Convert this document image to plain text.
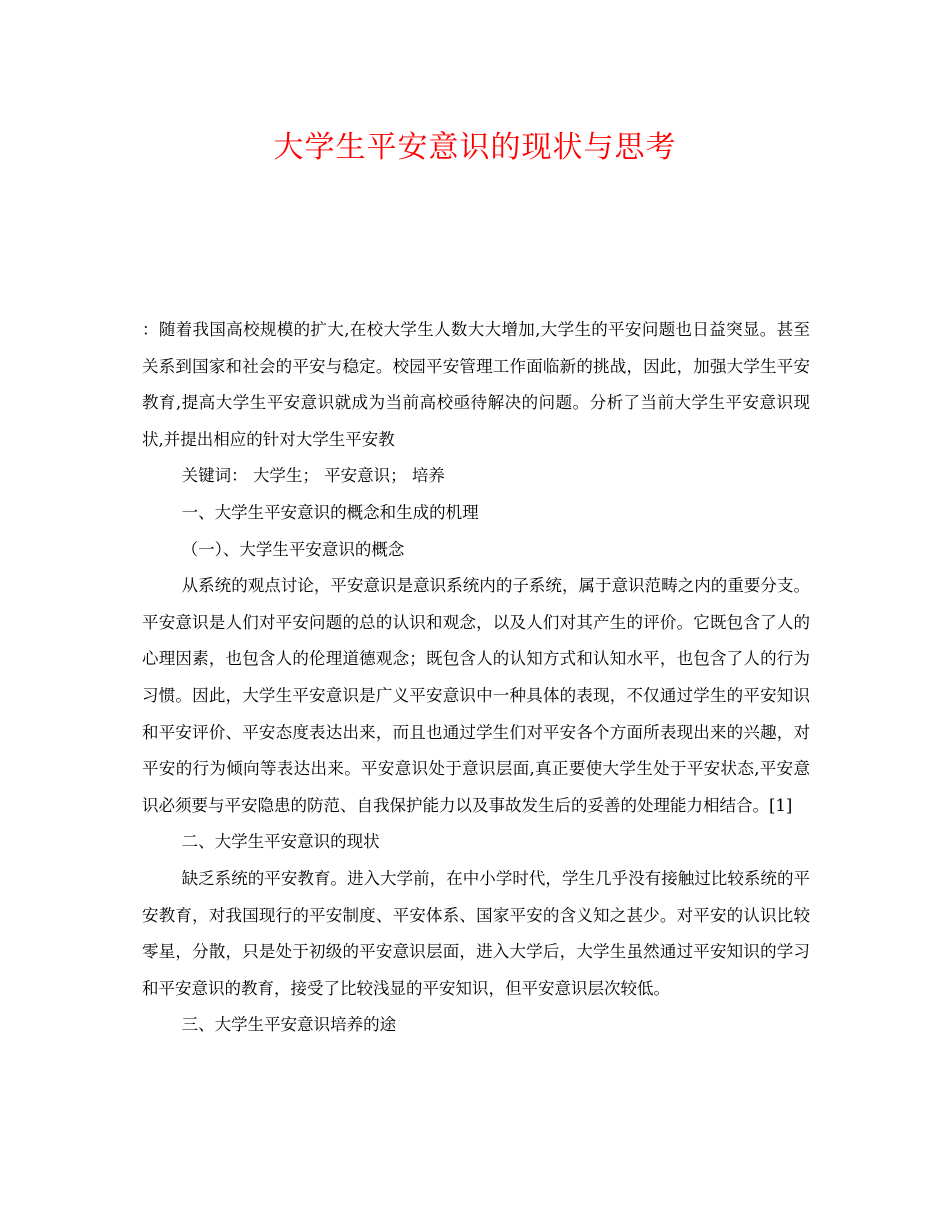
大学生平安意识的现状与思考

：随着我国高校规模的扩大,在校大学生人数大大增加,大学生的平安问题也日益突显。甚至关系到国家和社会的平安与稳定。校园平安管理工作面临新的挑战，因此，加强大学生平安教育,提高大学生平安意识就成为当前高校亟待解决的问题。分析了当前大学生平安意识现状,并提出相应的针对大学生平安教

关键词： 大学生； 平安意识； 培养

一、大学生平安意识的概念和生成的机理

（一）、大学生平安意识的概念

从系统的观点讨论，平安意识是意识系统内的子系统，属于意识范畴之内的重要分支。平安意识是人们对平安问题的总的认识和观念，以及人们对其产生的评价。它既包含了人的心理因素，也包含人的伦理道德观念；既包含人的认知方式和认知水平，也包含了人的行为习惯。因此，大学生平安意识是广义平安意识中一种具体的表现，不仅通过学生的平安知识和平安评价、平安态度表达出来，而且也通过学生们对平安各个方面所表现出来的兴趣，对平安的行为倾向等表达出来。平安意识处于意识层面,真正要使大学生处于平安状态,平安意识必须要与平安隐患的防范、自我保护能力以及事故发生后的妥善的处理能力相结合。[1]

二、大学生平安意识的现状

缺乏系统的平安教育。进入大学前，在中小学时代，学生几乎没有接触过比较系统的平安教育，对我国现行的平安制度、平安体系、国家平安的含义知之甚少。对平安的认识比较零星，分散，只是处于初级的平安意识层面，进入大学后，大学生虽然通过平安知识的学习和平安意识的教育，接受了比较浅显的平安知识，但平安意识层次较低。

三、大学生平安意识培养的途
